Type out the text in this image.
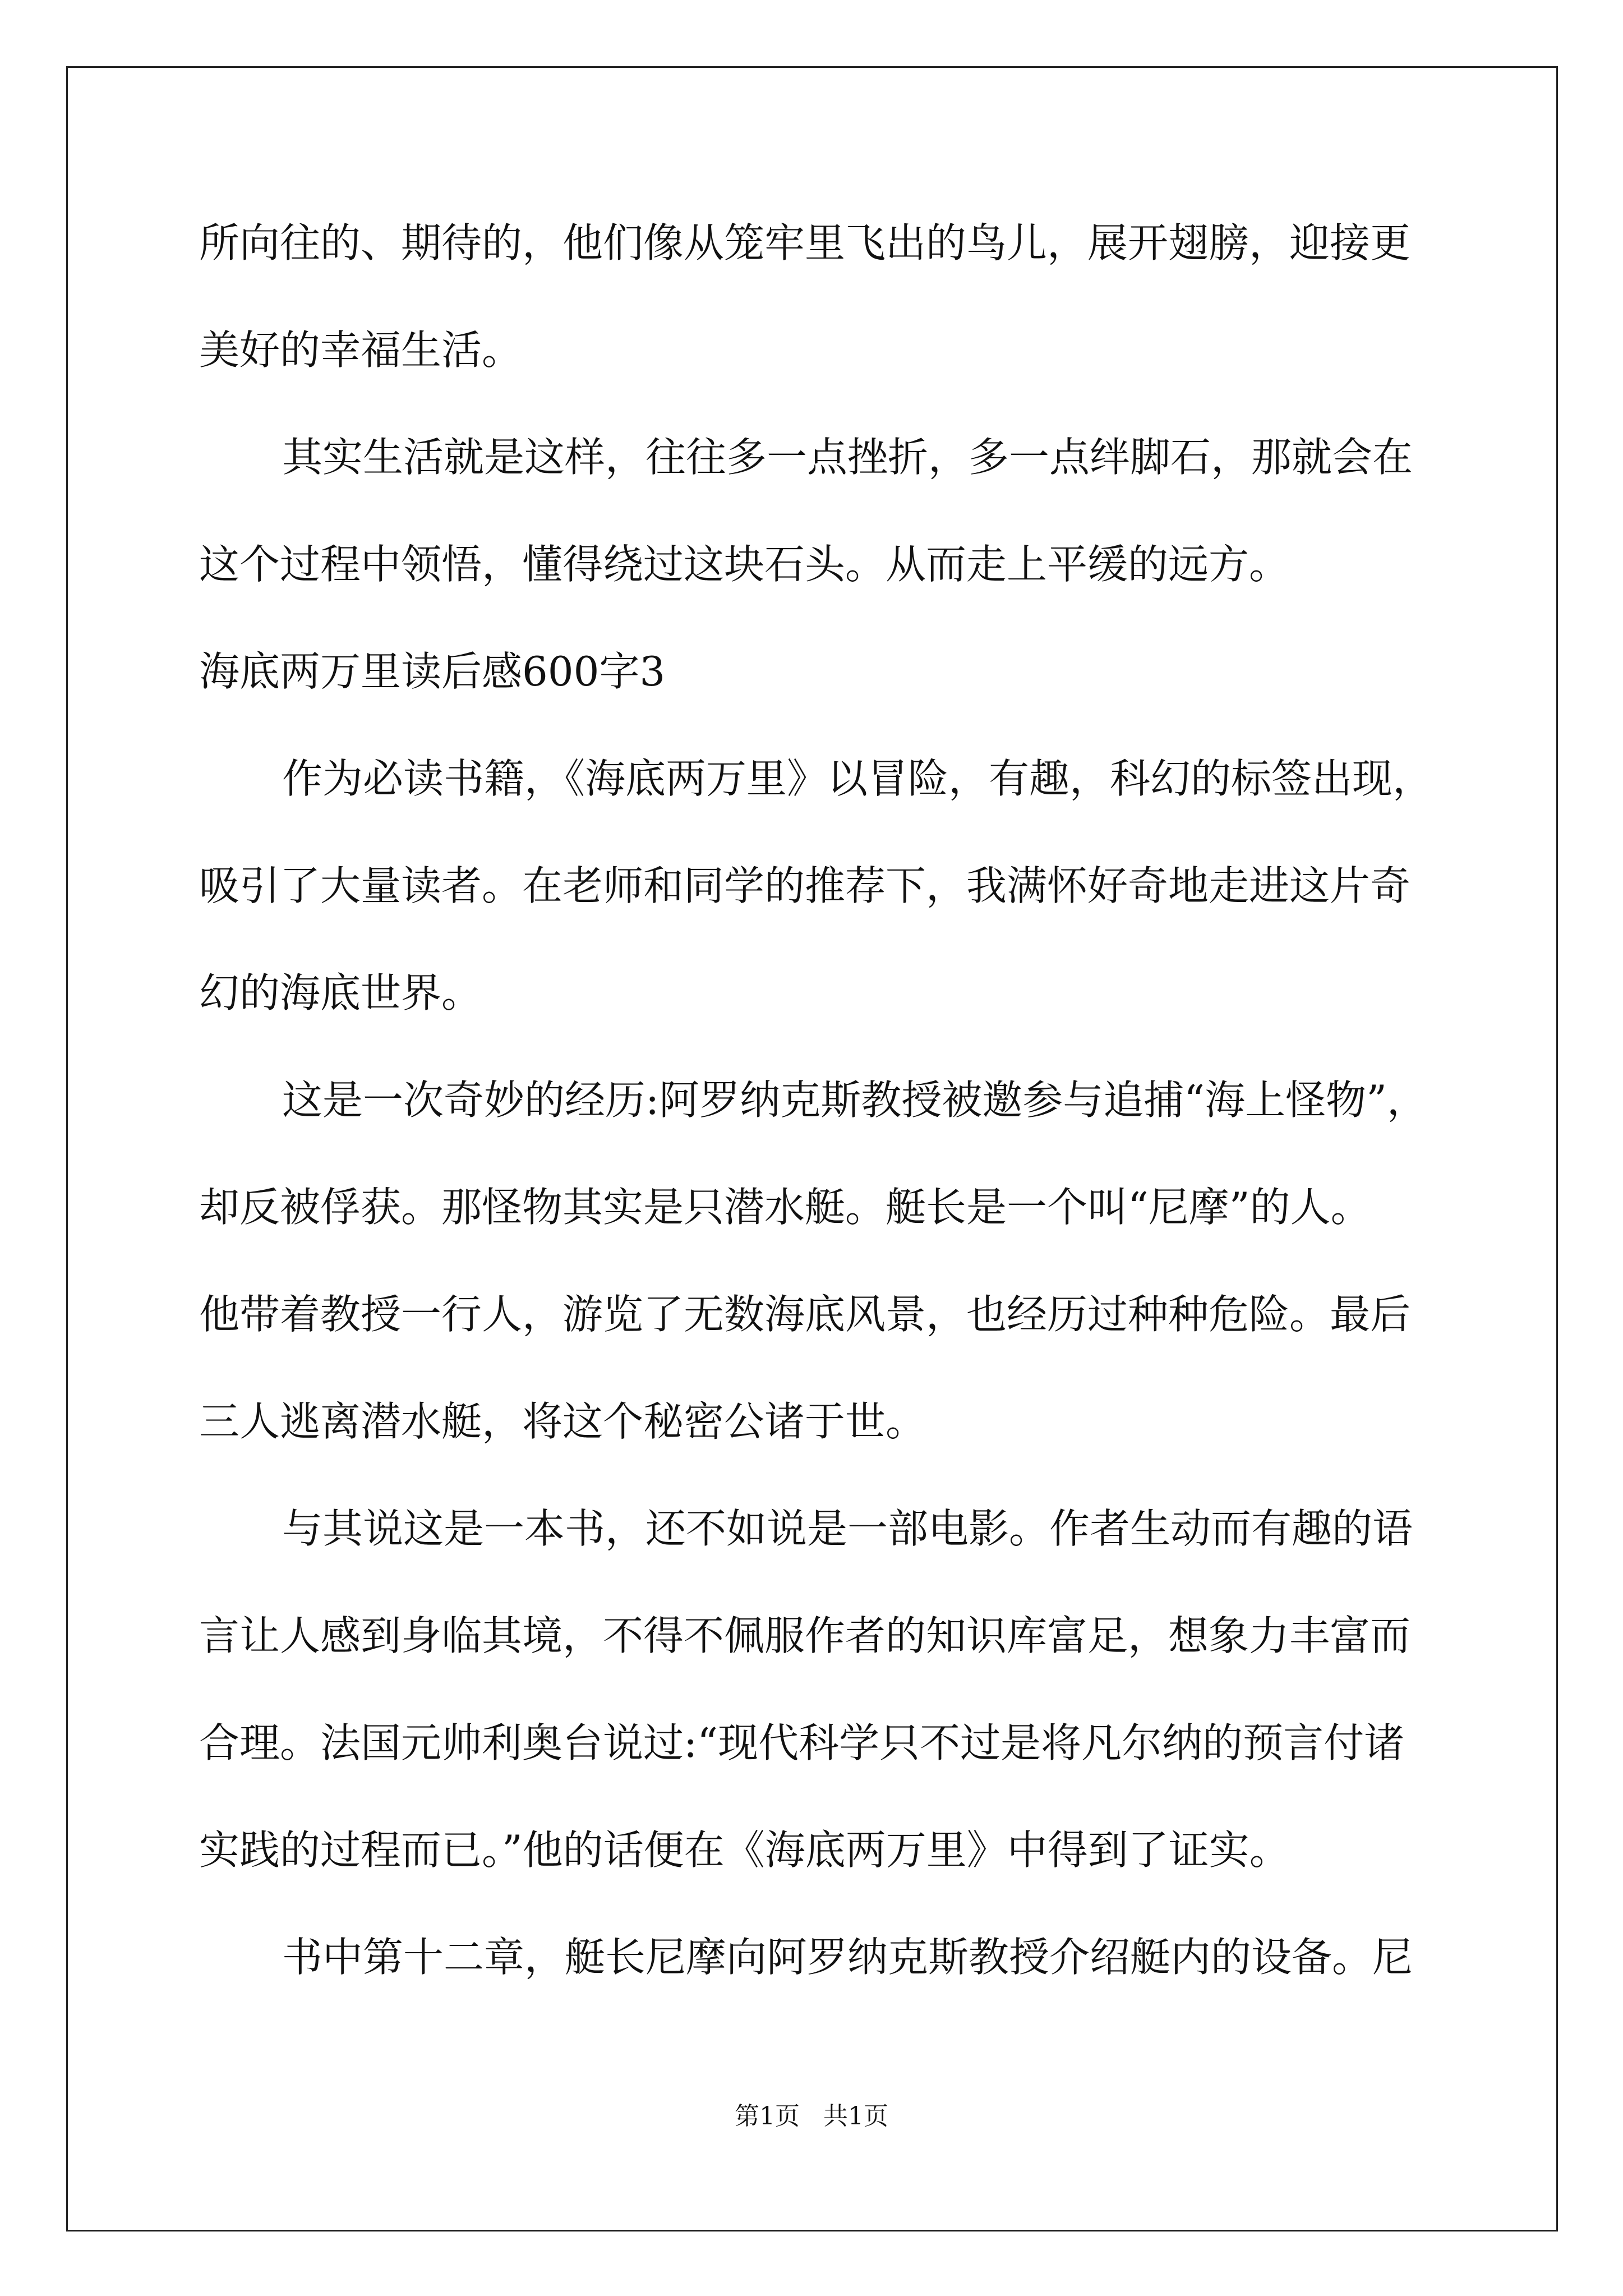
所向往的、期待的，他们像从笼牢里飞出的鸟儿，展开翅膀，迎接更
美好的幸福生活。
其实生活就是这样，往往多一点挫折，多一点绊脚石，那就会在
这个过程中领悟，懂得绕过这块石头。从而走上平缓的远方。
海底两万里读后感600字3
作为必读书籍，《海底两万里》以冒险，有趣，科幻的标签出现，
吸引了大量读者。在老师和同学的推荐下，我满怀好奇地走进这片奇
幻的海底世界。
这是一次奇妙的经历:阿罗纳克斯教授被邀参与追捕“海上怪物”，
却反被俘获。那怪物其实是只潜水艇。艇长是一个叫“尼摩”的人。
他带着教授一行人，游览了无数海底风景，也经历过种种危险。最后
三人逃离潜水艇，将这个秘密公诸于世。
与其说这是一本书，还不如说是一部电影。作者生动而有趣的语
言让人感到身临其境，不得不佩服作者的知识库富足，想象力丰富而
合理。法国元帅利奥台说过:“现代科学只不过是将凡尔纳的预言付诸
实践的过程而已。”他的话便在《海底两万里》中得到了证实。
书中第十二章，艇长尼摩向阿罗纳克斯教授介绍艇内的设备。尼
第1页   共1页
